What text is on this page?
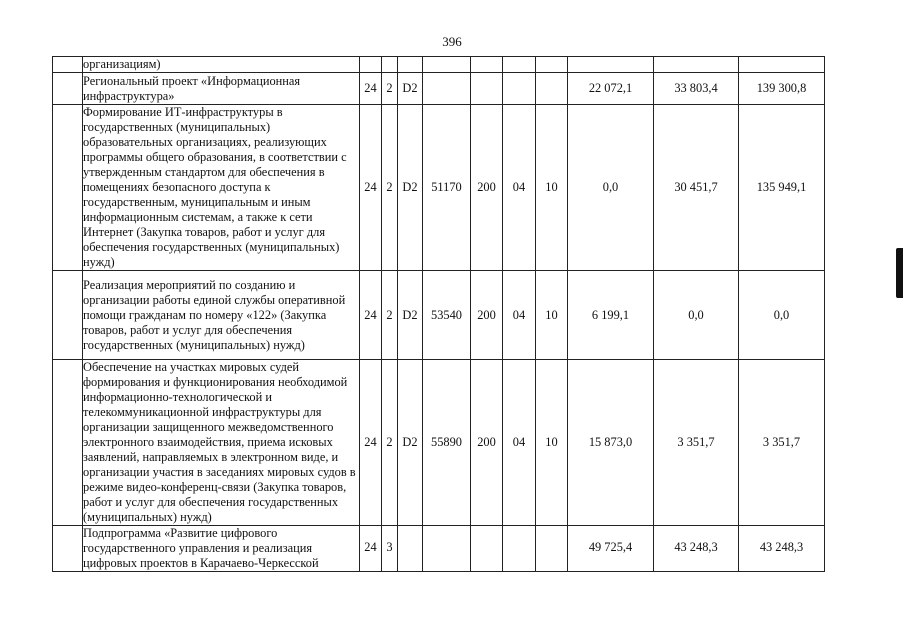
396
	организациям)										
	Региональный проект «Информационная инфраструктура»	24	2	D2					22 072,1	33 803,4	139 300,8
	Формирование ИТ-инфраструктуры в государственных (муниципальных) образовательных организациях, реализующих программы общего образования, в соответствии с утвержденным стандартом для обеспечения в помещениях безопасного доступа к государственным, муниципальным и иным информационным системам, а также к сети Интернет (Закупка товаров, работ и услуг для обеспечения государственных (муниципальных) нужд)	24	2	D2	51170	200	04	10	0,0	30 451,7	135 949,1
	Реализация мероприятий по созданию и организации работы единой службы оперативной помощи гражданам по номеру «122» (Закупка товаров, работ и услуг для обеспечения государственных (муниципальных) нужд)	24	2	D2	53540	200	04	10	6 199,1	0,0	0,0
	Обеспечение на участках мировых судей формирования и функционирования необходимой информационно-технологической и телекоммуникационной инфраструктуры для организации защищенного межведомственного электронного взаимодействия, приема исковых заявлений, направляемых в электронном виде, и организации участия в заседаниях мировых судов в режиме видео-конференц-связи (Закупка товаров, работ и услуг для обеспечения государственных (муниципальных) нужд)	24	2	D2	55890	200	04	10	15 873,0	3 351,7	3 351,7
	Подпрограмма «Развитие цифрового государственного управления и реализация цифровых проектов в Карачаево-Черкесской	24	3						49 725,4	43 248,3	43 248,3
